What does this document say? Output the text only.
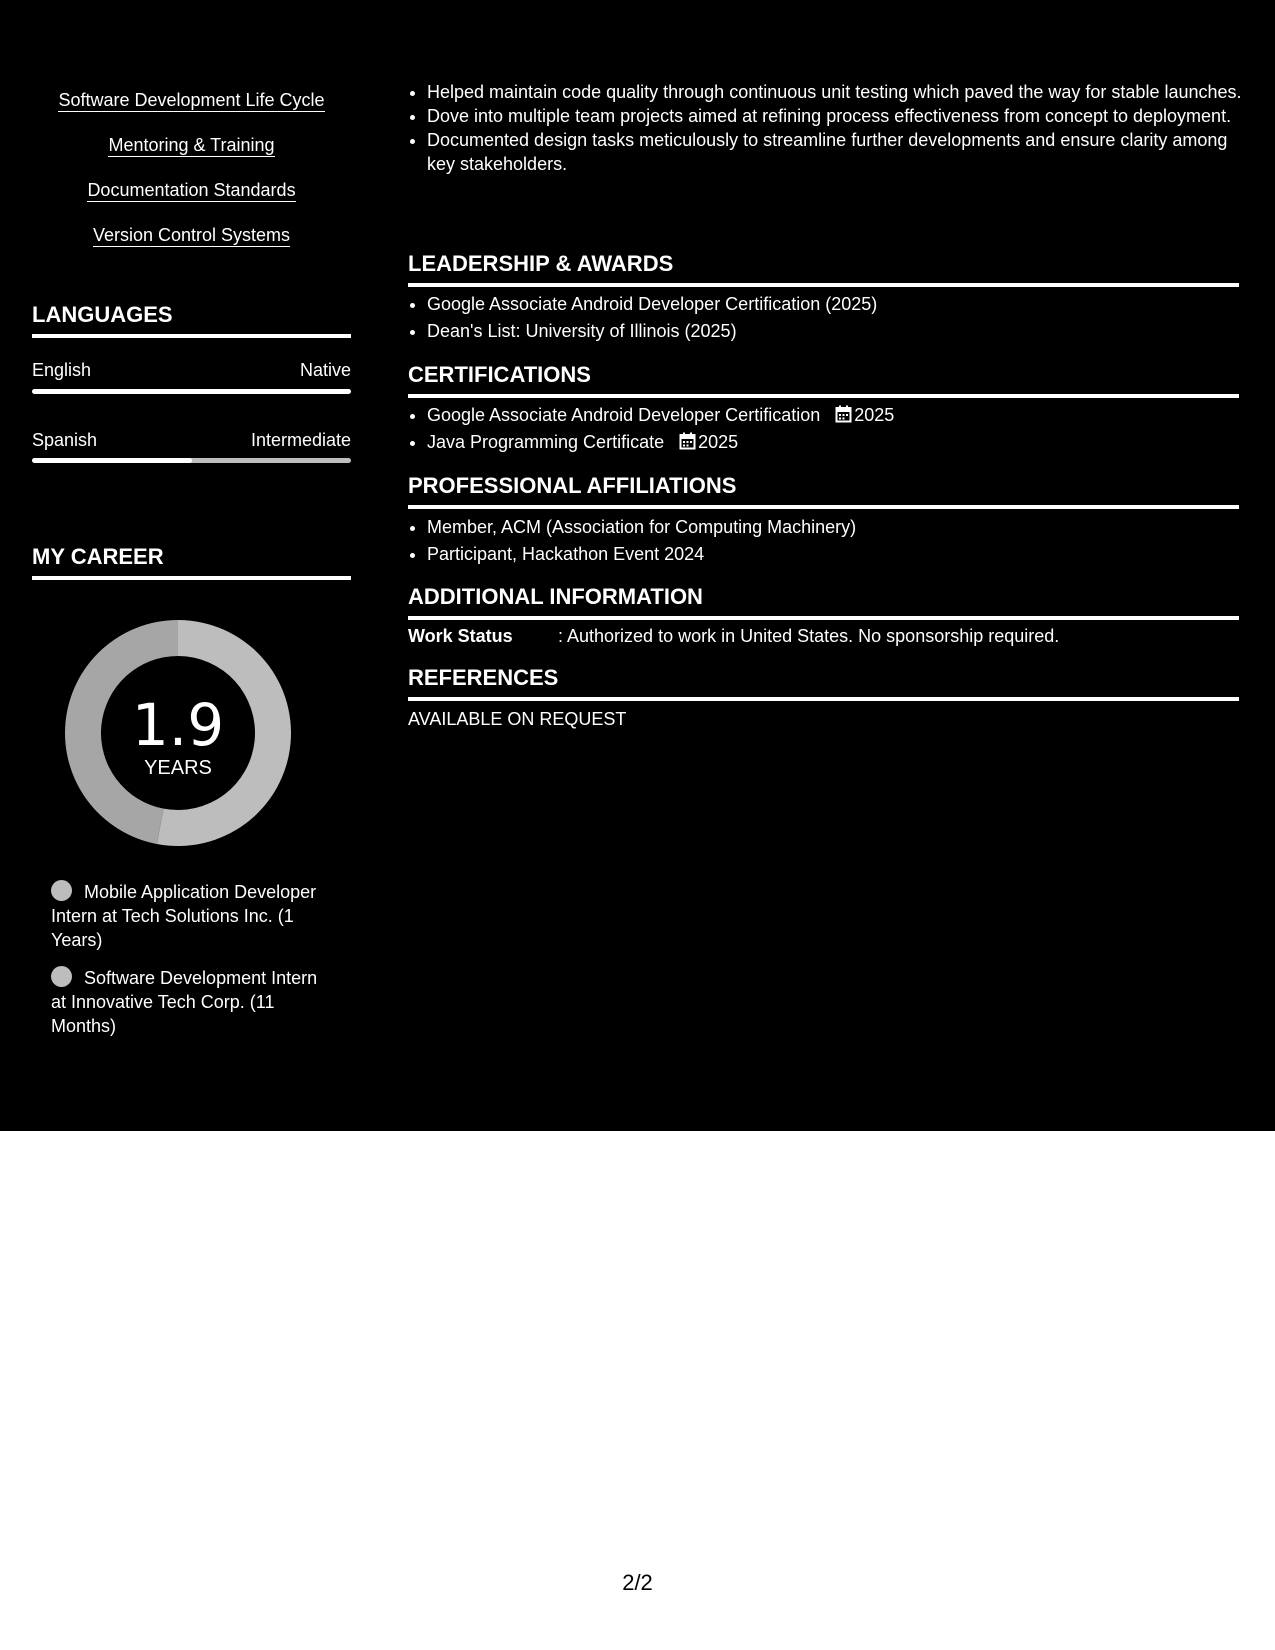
Software Development Life Cycle
Mentoring & Training
Documentation Standards
Version Control Systems
LANGUAGES
English	Native
Spanish	Intermediate
MY CAREER
1.9
YEARS
Mobile Application Developer Intern at Tech Solutions Inc. (1 Years)
Software Development Intern at Innovative Tech Corp. (11 Months)
• Helped maintain code quality through continuous unit testing which paved the way for stable launches.
• Dove into multiple team projects aimed at refining process effectiveness from concept to deployment.
• Documented design tasks meticulously to streamline further developments and ensure clarity among key stakeholders.
LEADERSHIP & AWARDS
• Google Associate Android Developer Certification (2025)
• Dean's List: University of Illinois (2025)
CERTIFICATIONS
• Google Associate Android Developer Certification 2025
• Java Programming Certificate 2025
PROFESSIONAL AFFILIATIONS
• Member, ACM (Association for Computing Machinery)
• Participant, Hackathon Event 2024
ADDITIONAL INFORMATION
Work Status	: Authorized to work in United States. No sponsorship required.
REFERENCES
AVAILABLE ON REQUEST
2/2
